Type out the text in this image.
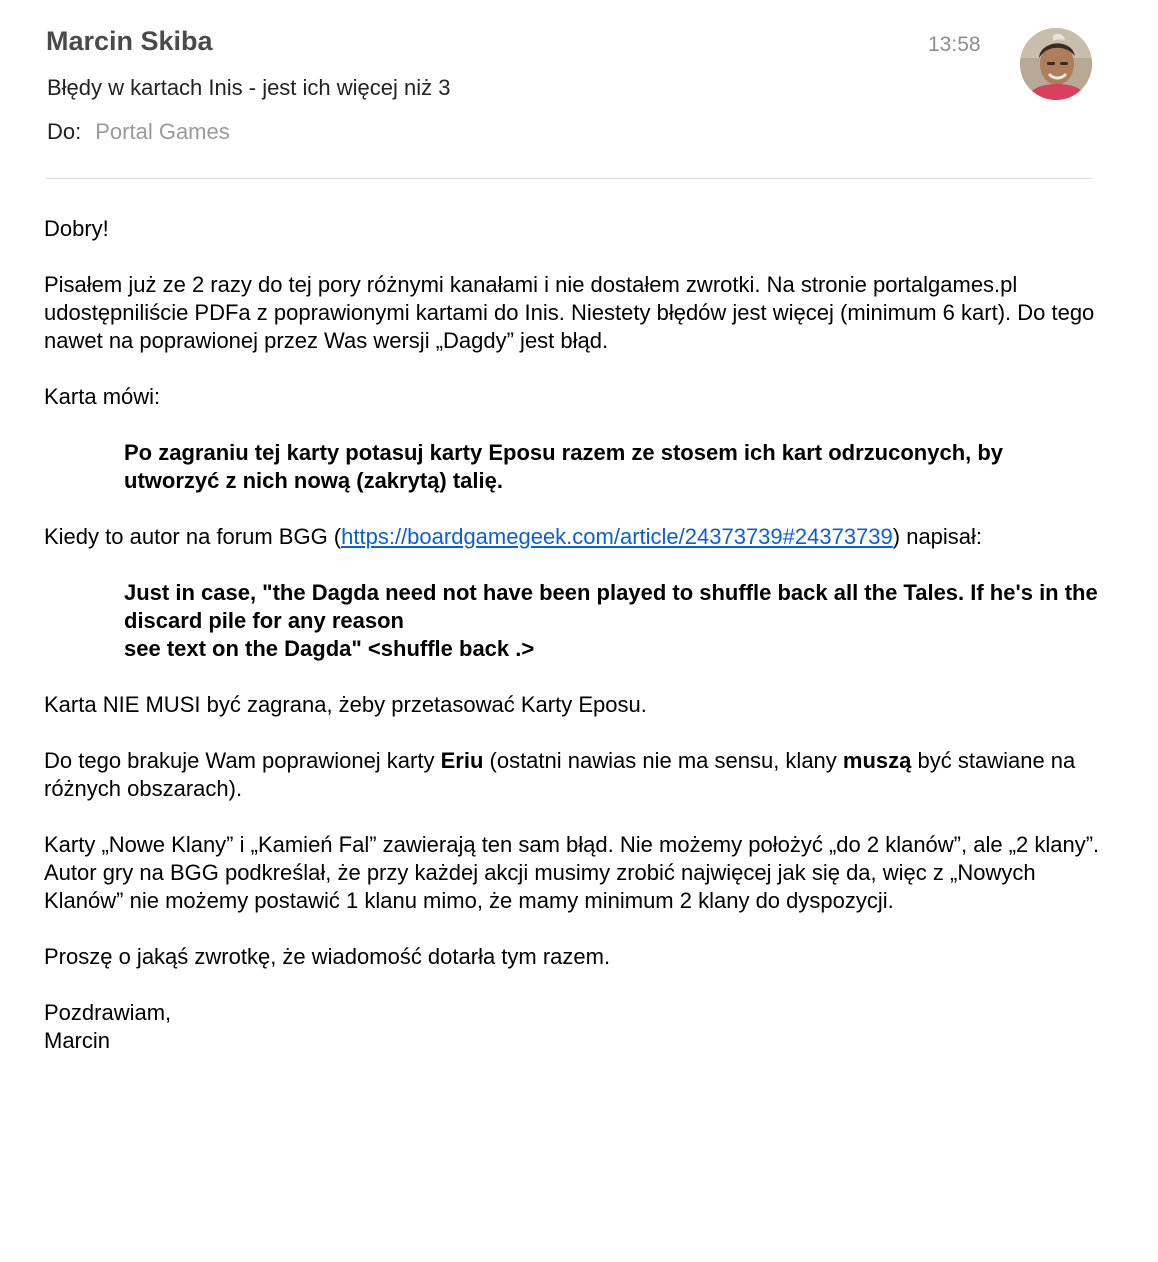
Marcin Skiba	13:58
Błędy w kartach Inis - jest ich więcej niż 3
Do: Portal Games

Dobry!

Pisałem już ze 2 razy do tej pory różnymi kanałami i nie dostałem zwrotki. Na stronie portalgames.pl udostępniliście PDFa z poprawionymi kartami do Inis. Niestety błędów jest więcej (minimum 6 kart). Do tego nawet na poprawionej przez Was wersji „Dagdy” jest błąd.

Karta mówi:

Po zagraniu tej karty potasuj karty Eposu razem ze stosem ich kart odrzuconych, by utworzyć z nich nową (zakrytą) talię.

Kiedy to autor na forum BGG (https://boardgamegeek.com/article/24373739#24373739) napisał:

Just in case, "the Dagda need not have been played to shuffle back all the Tales. If he's in the discard pile for any reason
see text on the Dagda" <shuffle back .>

Karta NIE MUSI być zagrana, żeby przetasować Karty Eposu.

Do tego brakuje Wam poprawionej karty Eriu (ostatni nawias nie ma sensu, klany muszą być stawiane na różnych obszarach).

Karty „Nowe Klany” i „Kamień Fal” zawierają ten sam błąd. Nie możemy położyć „do 2 klanów”, ale „2 klany”. Autor gry na BGG podkreślał, że przy każdej akcji musimy zrobić najwięcej jak się da, więc z „Nowych Klanów” nie możemy postawić 1 klanu mimo, że mamy minimum 2 klany do dyspozycji.

Proszę o jakąś zwrotkę, że wiadomość dotarła tym razem.

Pozdrawiam,
Marcin
